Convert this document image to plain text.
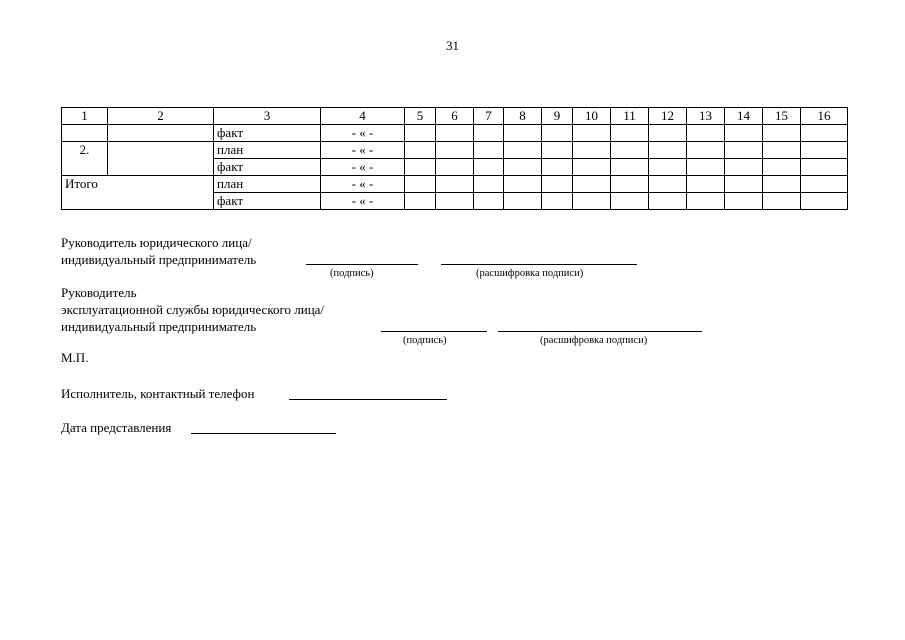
31
1	2	3	4	5	6	7	8	9	10	11	12	13	14	15	16
		факт	- « -												
2.		план	- « -												
		факт	- « -												
Итого		план	- « -												
		факт	- « -												
Руководитель юридического лица/
индивидуальный предприниматель
(подпись)	(расшифровка подписи)
Руководитель
эксплуатационной службы юридического лица/
индивидуальный предприниматель
(подпись)	(расшифровка подписи)
М.П.
Исполнитель, контактный телефон
Дата представления
